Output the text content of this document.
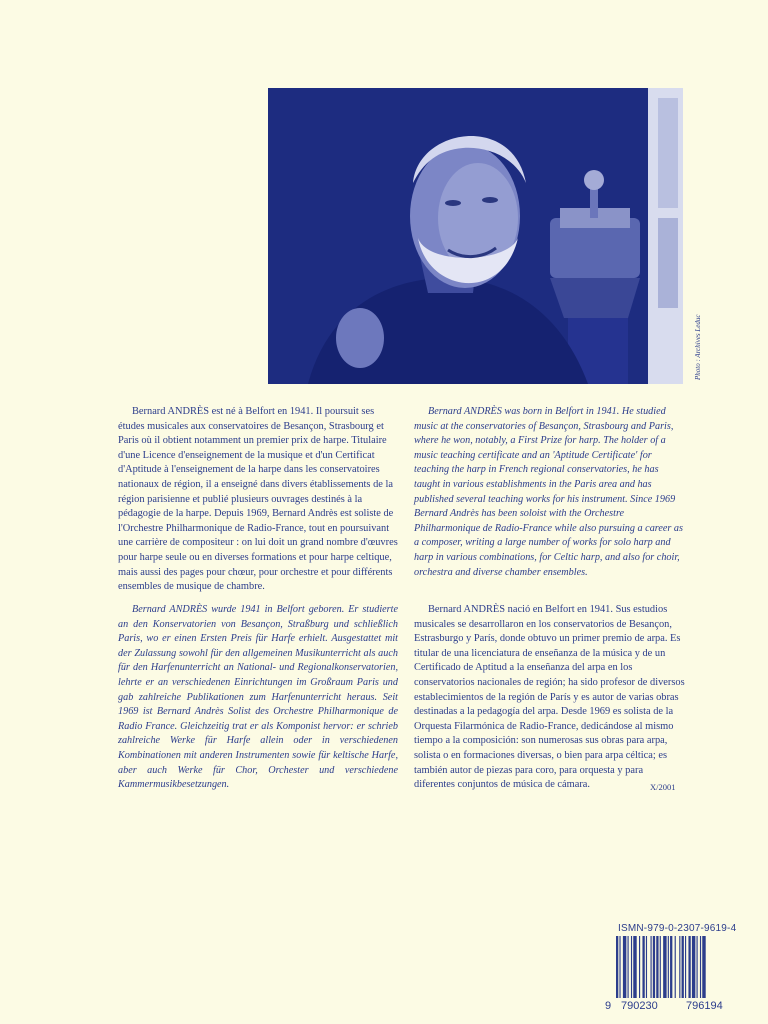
Photo : Archives Leduc

Bernard ANDRÈS est né à Belfort en 1941. Il poursuit ses études musicales aux conservatoires de Besançon, Strasbourg et Paris où il obtient notamment un premier prix de harpe. Titulaire d'une Licence d'enseignement de la musique et d'un Certificat d'Aptitude à l'enseignement de la harpe dans les conservatoires nationaux de région, il a enseigné dans divers établissements de la région parisienne et publié plusieurs ouvrages destinés à la pédagogie de la harpe. Depuis 1969, Bernard Andrès est soliste de l'Orchestre Philharmonique de Radio-France, tout en poursuivant une carrière de compositeur : on lui doit un grand nombre d'œuvres pour harpe seule ou en diverses formations et pour harpe celtique, mais aussi des pages pour chœur, pour orchestre et pour différents ensembles de musique de chambre.

Bernard ANDRÈS was born in Belfort in 1941. He studied music at the conservatories of Besançon, Strasbourg and Paris, where he won, notably, a First Prize for harp. The holder of a music teaching certificate and an 'Aptitude Certificate' for teaching the harp in French regional conservatories, he has taught in various establishments in the Paris area and has published several teaching works for his instrument. Since 1969 Bernard Andrès has been soloist with the Orchestre Philharmonique de Radio-France while also pursuing a career as a composer, writing a large number of works for solo harp and harp in various combinations, for Celtic harp, and also for choir, orchestra and diverse chamber ensembles.

Bernard ANDRÈS wurde 1941 in Belfort geboren. Er studierte an den Konservatorien von Besançon, Straßburg und schließlich Paris, wo er einen Ersten Preis für Harfe erhielt. Ausgestattet mit der Zulassung sowohl für den allgemeinen Musikunterricht als auch für den Harfenunterricht an National- und Regionalkonservatorien, lehrte er an verschiedenen Einrichtungen im Großraum Paris und gab zahlreiche Publikationen zum Harfenunterricht heraus. Seit 1969 ist Bernard Andrès Solist des Orchestre Philharmonique de Radio France. Gleichzeitig trat er als Komponist hervor: er schrieb zahlreiche Werke für Harfe allein oder in verschiedenen Kombinationen mit anderen Instrumenten sowie für keltische Harfe, aber auch Werke für Chor, Orchester und verschiedene Kammermusikbesetzungen.

Bernard ANDRÈS nació en Belfort en 1941. Sus estudios musicales se desarrollaron en los conservatorios de Besançon, Estrasburgo y París, donde obtuvo un primer premio de arpa. Es titular de una licenciatura de enseñanza de la música y de un Certificado de Aptitud a la enseñanza del arpa en los conservatorios nacionales de región; ha sido profesor de diversos establecimientos de la región de París y es autor de varias obras destinadas a la pedagogía del arpa. Desde 1969 es solista de la Orquesta Filarmónica de Radio-France, dedicándose al mismo tiempo a la composición: son numerosas sus obras para arpa, solista o en formaciones diversas, o bien para arpa céltica; es también autor de piezas para coro, para orquesta y para diferentes conjuntos de música de cámara.	X/2001
ISMN-979-0-2307-9619-4
9 790230	796194
